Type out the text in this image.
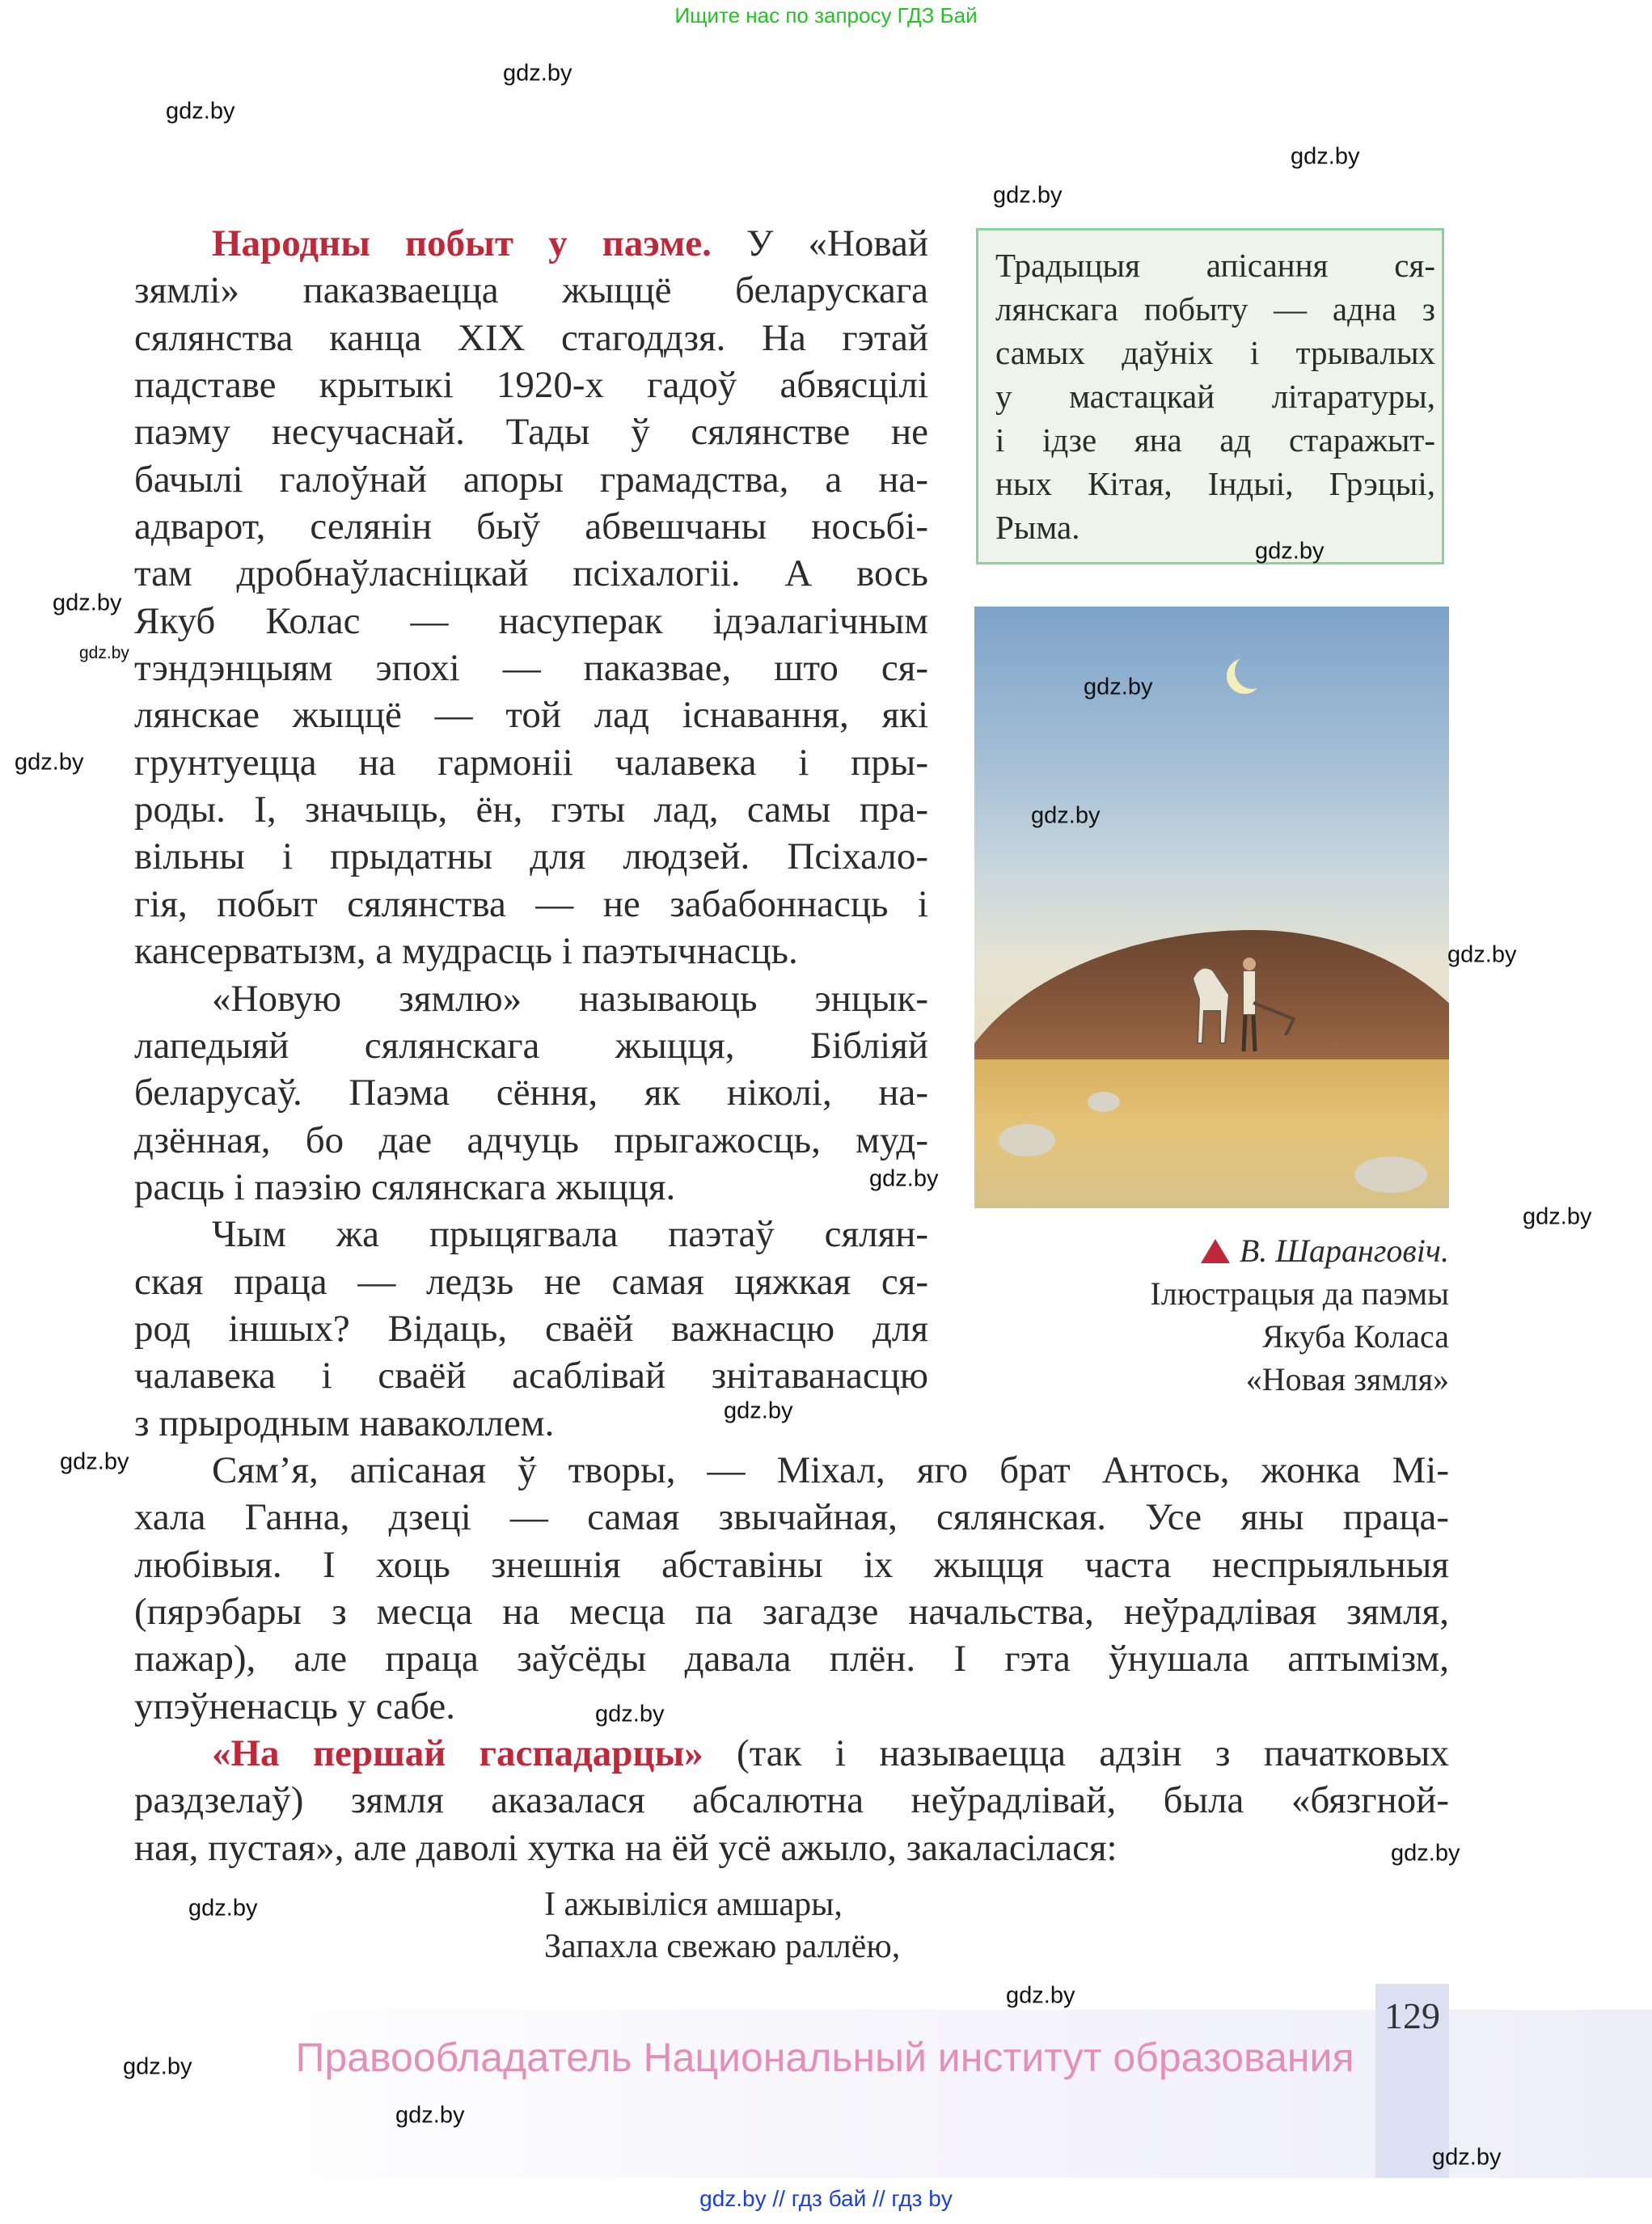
Ищите нас по запросу ГДЗ Бай
Народны побыт у паэме. У «Новай
зямлі» паказваецца жыццё беларускага
сялянства канца XIX стагоддзя. На гэтай
падставе крытыкі 1920-х гадоў абвясцілі
паэму несучаснай. Тады ў сялянстве не
бачылі галоўнай апоры грамадства, а на-
адварот, селянін быў абвешчаны носьбі-
там дробнаўласніцкай псіхалогіі. А вось
Якуб Колас — насуперак ідэалагічным
тэндэнцыям эпохі — паказвае, што ся-
лянскае жыццё — той лад існавання, які
грунтуецца на гармоніі чалавека і пры-
роды. І, значыць, ён, гэты лад, самы пра-
вільны і прыдатны для людзей. Псіхало-
гія, побыт сялянства — не забабоннасць і
кансерватызм, а мудрасць і паэтычнасць.
«Новую зямлю» называюць энцык-
лапедыяй сялянскага жыцця, Бібліяй
беларусаў. Паэма сёння, як ніколі, на-
дзённая, бо дае адчуць прыгажосць, муд-
расць і паэзію сялянскага жыцця.
Чым жа прыцягвала паэтаў сялян-
ская праца — ледзь не самая цяжкая ся-
род іншых? Відаць, сваёй важнасцю для
чалавека і сваёй асаблівай знітаванасцю
з прыродным наваколлем.
Сям’я, апісаная ў творы, — Міхал, яго брат Антось, жонка Мі-
хала Ганна, дзеці — самая звычайная, сялянская. Усе яны праца-
любівыя. І хоць знешнія абставіны іх жыцця часта неспрыяльныя
(пярэбары з месца на месца па загадзе начальства, неўрадлівая зямля,
пажар), але праца заўсёды давала плён. І гэта ўнушала аптымізм,
упэўненасць у сабе.
«На першай гаспадарцы» (так і называецца адзін з пачатковых
раздзелаў) зямля аказалася абсалютна неўрадлівай, была «бязгной-
ная, пустая», але даволі хутка на ёй усё ажыло, закаласілася:
Традыцыя апісання ся-
лянскага побыту — адна з
самых даўніх і трывалых
у мастацкай літаратуры,
і ідзе яна ад старажыт-
ных Кітая, Індыі, Грэцыі,
Рыма.
В. Шаранговіч.
Ілюстрацыя да паэмы
Якуба Коласа
«Новая зямля»
І ажывіліся амшары,
Запахла свежаю раллёю,
129
Правообладатель Национальный институт образования
gdz.by // гдз бай // гдз by
gdz.by
gdz.by
gdz.by
gdz.by
gdz.by
gdz.by
gdz.by
gdz.by
gdz.by
gdz.by
gdz.by
gdz.by
gdz.by
gdz.by
gdz.by
gdz.by
gdz.by
gdz.by
gdz.by
gdz.by
gdz.by
gdz.by
